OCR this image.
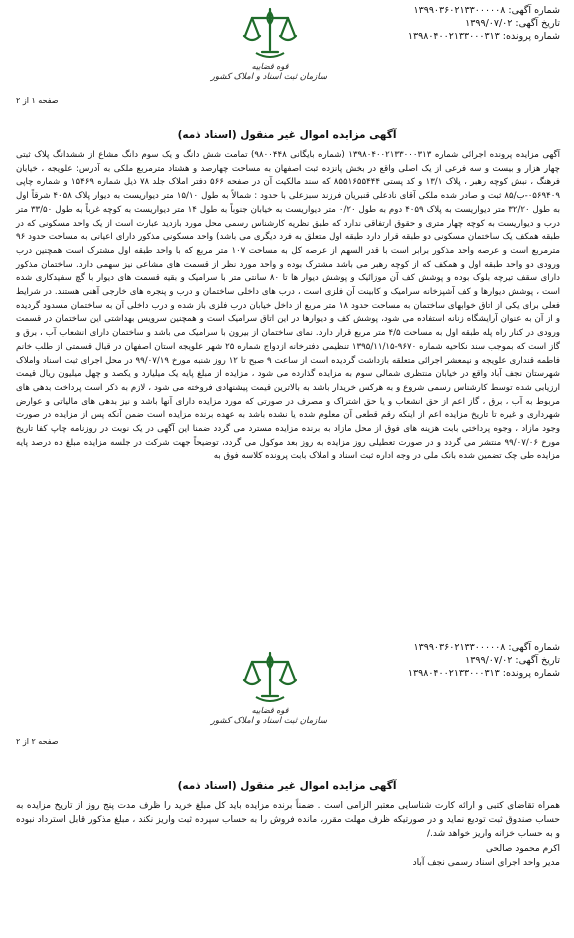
شماره آگهی: ۱۳۹۹۰۳۶۰۲۱۳۳۰۰۰۰۰۸
تاریخ آگهی: ۱۳۹۹/۰۷/۰۲
شماره پرونده: ۱۳۹۸۰۴۰۰۲۱۳۳۰۰۰۳۱۳
قوه قضاییه
سازمان ثبت اسناد و املاک کشور
صفحه ۱ از ۲
آگهی مزایده اموال غیر منقول (اسناد ذمه)
آگهی مزایده پرونده اجرائی شماره ۱۳۹۸۰۴۰۰۲۱۳۳۰۰۰۳۱۳ (شماره بایگانی ۹۸۰۰۴۴۸) تمامت شش دانگ و یک سوم دانگ مشاع از ششدانگ پلاک ثبتی چهار هزار و بیست و سه فرعی از یک اصلی واقع در بخش پانزده ثبت اصفهان به مساحت چهارصد و هشتاد مترمربع ملکی به آدرس: علویجه ، خیابان فرهنگ ، نبش کوچه رهبر ، پلاک ۱۳/۱ و کد پستی ۸۵۵۱۶۵۵۴۴۴ که سند مالکیت آن در صفحه ۵۶۶ دفتر املاک جلد ۷۸ ذیل شماره ۱۵۴۶۹ و شماره چاپی ۰۵۶۹۴۰۹-ب/۸۵ ثبت و صادر شده ملکی آقای نادعلی قنبریان فرزند سبزعلی با حدود : شمالاً به طول ۱۵/۱۰ متر دیواریست به دیوار پلاک ۴۰۵۸ شرقاً اول به طول ۳۲/۲۰ متر دیواریست به پلاک ۴۰۵۹ دوم به طول ۰/۲۰ متر دیواریست به خیابان جنوباً به طول ۱۴ متر دیواریست به کوچه غرباً به طول ۳۳/۵۰ متر درب و دیواریست به کوچه چهار متری و حقوق ارتفاقی ندارد که طبق نظریه کارشناس رسمی محل مورد بازدید عبارت است از یک واحد مسکونی که در طبقه همکف یک ساختمان مسکونی دو طبقه قرار دارد طبقه اول متعلق به فرد دیگری می باشد) واحد مسکونی مذکور دارای اعیانی به مساحت حدود ۹۶ مترمربع است و عرصه واحد مذکور برابر است با قدر السهم از عرصه کل به مساحت ۱۰۷ متر مربع که با واحد طبقه اول مشترک است همچنین درب ورودی دو واحد طبقه اول و همکف که از کوچه رهبر می باشد مشترک بوده و واحد مورد نظر از قسمت های مشاعی نیز سهمی دارد. ساختمان مذکور دارای سقف تیرچه بلوک بوده و پوشش کف آن موزائیک و پوشش دیوار ها تا ۸۰ سانتی متر با سرامیک و بقیه قسمت های دیوار با گچ سفیدکاری شده است ، پوشش دیوارها و کف آشپزخانه سرامیک و کابینت آن فلزی است ، درب های داخلی ساختمان و درب و پنجره های خارجی آهنی هستند. در شرایط فعلی برای یکی از اتاق خوابهای ساختمان به مساحت حدود ۱۸ متر مربع از داخل خیابان درب فلزی باز شده و درب داخلی آن به ساختمان مسدود گردیده و از آن به عنوان آرایشگاه زنانه استفاده می شود، پوشش کف و دیوارها در این اتاق سرامیک است و همچنین سرویس بهداشتی این ساختمان در قسمت ورودی در کنار راه پله طبقه اول به مساحت ۴/۵ متر مربع قرار دارد. نمای ساختمان از بیرون با سرامیک می باشد و ساختمان دارای انشعاب آب ، برق و گاز است که بموجب سند نکاحیه شماره ۹۶۷۰-۱۳۹۵/۱۱/۱۵ تنظیمی دفترخانه ازدواج شماره ۲۵ شهر علویجه استان اصفهان در قبال قسمتی از طلب خانم فاطمه قنداری علویجه و نیمعشر اجرائی متعلقه بازداشت گردیده است از ساعت ۹ صبح تا ۱۲ روز شنبه مورخ ۹۹/۰۷/۱۹ در محل اجرای ثبت اسناد واملاک شهرستان نجف آباد واقع در خیابان منتظری شمالی سوم به مزایده گذارده می شود ، مزایده از مبلغ پایه یک میلیارد و یکصد و چهل میلیون ریال قیمت ارزیابی شده توسط کارشناس رسمی شروع و به هرکس خریدار باشد به بالاترین قیمت پیشنهادی فروخته می شود ، لازم به ذکر است پرداخت بدهی های مربوط به آب ، برق ، گاز اعم از حق انشعاب و یا حق اشتراک و مصرف در صورتی که مورد مزایده دارای آنها باشد و نیز بدهی های مالیاتی و عوارض شهرداری و غیره تا تاریخ مزایده اعم از اینکه رقم قطعی آن معلوم شده یا نشده باشد به عهده برنده مزایده است ضمن آنکه پس از مزایده در صورت وجود مازاد ، وجوه پرداختی بابت هزینه های فوق از محل مازاد به برنده مزایده مسترد می گردد ضمنا این آگهی در یک نوبت در روزنامه چاپ کفا تاریخ مورخ ۹۹/۰۷/۰۶ منتشر می گردد و در صورت تعطیلی روز مزایده به روز بعد موکول می گردد، توضیحاً جهت شرکت در جلسه مزایده مبلغ ده درصد پایه مزایده طی چک تضمین شده بانک ملی در وجه اداره ثبت اسناد و املاک بابت پرونده کلاسه فوق به
شماره آگهی: ۱۳۹۹۰۳۶۰۲۱۳۳۰۰۰۰۰۸
تاریخ آگهی: ۱۳۹۹/۰۷/۰۲
شماره پرونده: ۱۳۹۸۰۴۰۰۲۱۳۳۰۰۰۳۱۳
قوه قضاییه
سازمان ثبت اسناد و املاک کشور
صفحه ۲ از ۲
آگهی مزایده اموال غیر منقول (اسناد ذمه)
همراه تقاضای کتبی و ارائه کارت شناسایی معتبر الزامی است . ضمناً برنده مزایده باید کل مبلغ خرید را ظرف مدت پنج روز از تاریخ مزایده به حساب صندوق ثبت تودیع نماید و در صورتیکه ظرف مهلت مقرر، مانده فروش را به حساب سپرده ثبت واریز نکند ، مبلغ مذکور قابل استرداد نبوده و به حساب خزانه واریز خواهد شد./
اکرم محمود صالحی
مدیر واحد اجرای اسناد رسمی نجف آباد
